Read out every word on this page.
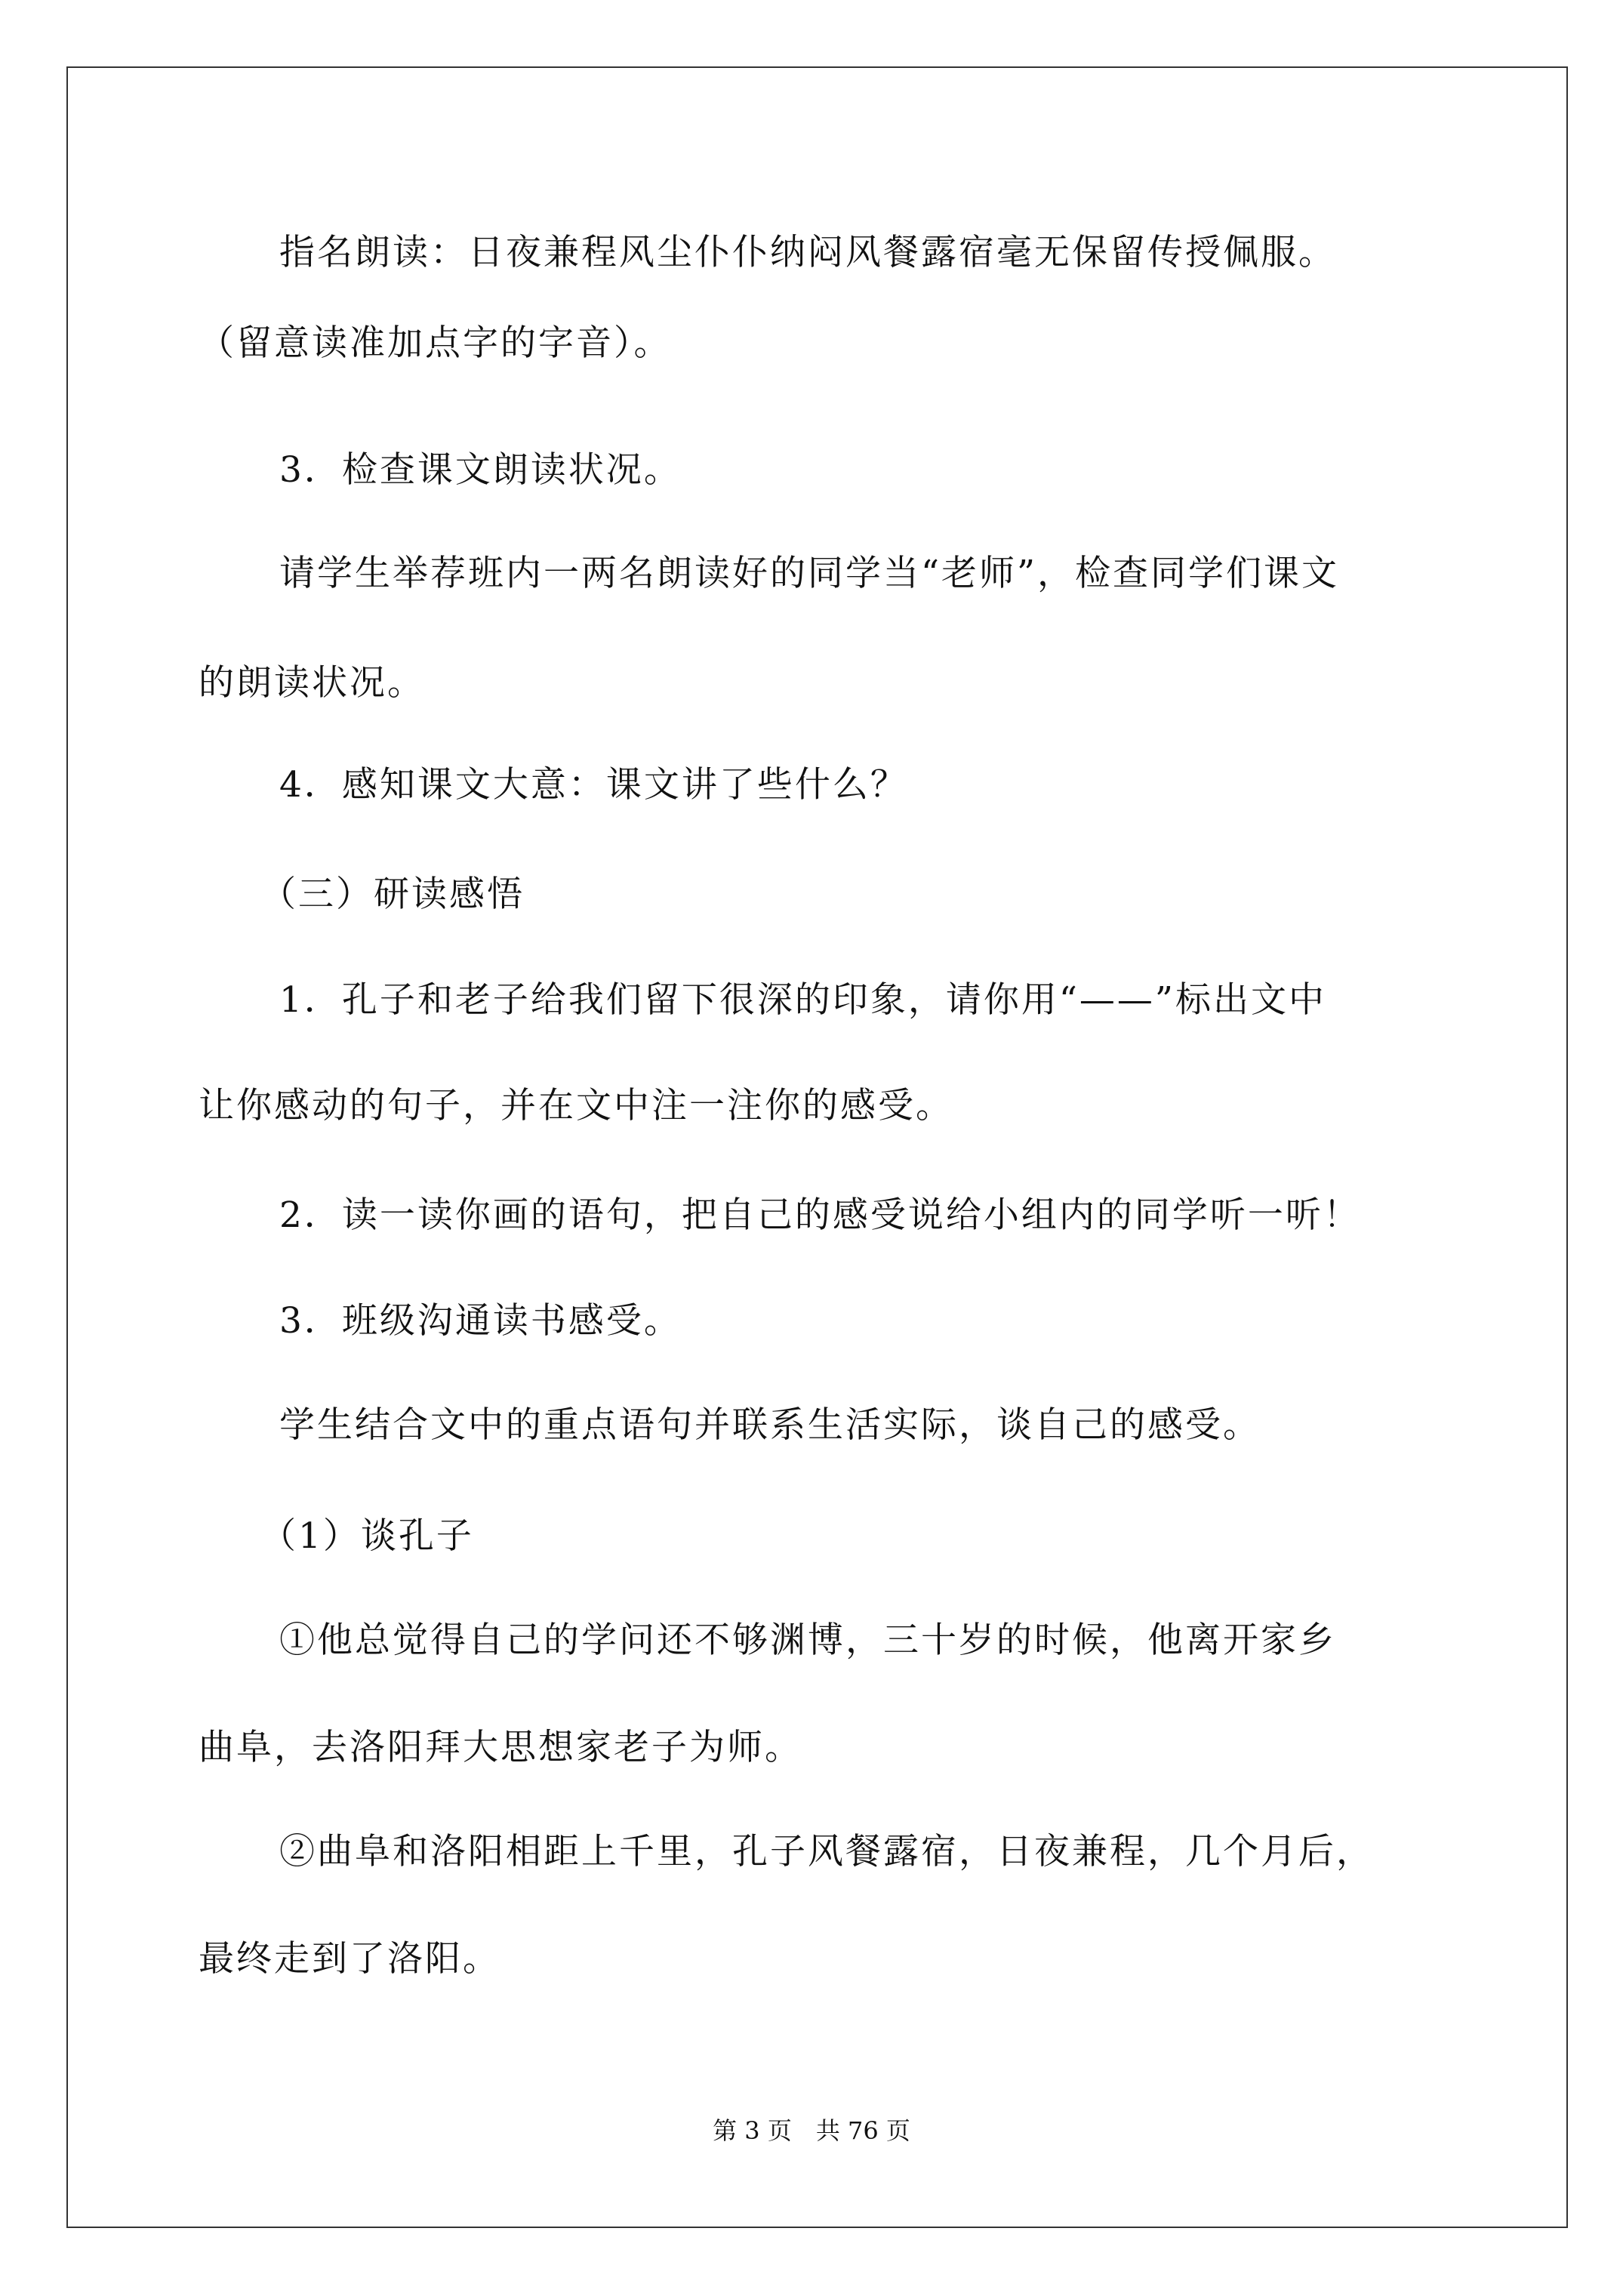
指名朗读：日夜兼程风尘仆仆纳闷风餐露宿毫无保留传授佩服。
（留意读准加点字的字音）。
3．检查课文朗读状况。
请学生举荐班内一两名朗读好的同学当“老师”，检查同学们课文
的朗读状况。
4．感知课文大意：课文讲了些什么？
（三）研读感悟
1．孔子和老子给我们留下很深的印象，请你用“——”标出文中
让你感动的句子，并在文中注一注你的感受。
2．读一读你画的语句，把自己的感受说给小组内的同学听一听！
3．班级沟通读书感受。
学生结合文中的重点语句并联系生活实际，谈自己的感受。
（1）谈孔子
①他总觉得自己的学问还不够渊博，三十岁的时候，他离开家乡
曲阜，去洛阳拜大思想家老子为师。
②曲阜和洛阳相距上千里，孔子风餐露宿，日夜兼程，几个月后，
最终走到了洛阳。
第 3 页　共 76 页
